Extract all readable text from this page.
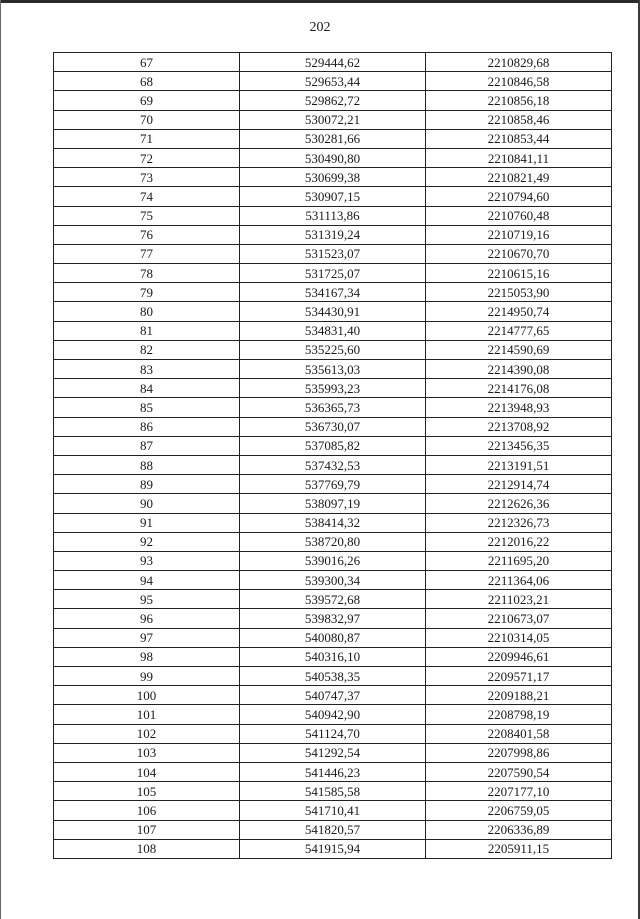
202
67	529444,62	2210829,68
68	529653,44	2210846,58
69	529862,72	2210856,18
70	530072,21	2210858,46
71	530281,66	2210853,44
72	530490,80	2210841,11
73	530699,38	2210821,49
74	530907,15	2210794,60
75	531113,86	2210760,48
76	531319,24	2210719,16
77	531523,07	2210670,70
78	531725,07	2210615,16
79	534167,34	2215053,90
80	534430,91	2214950,74
81	534831,40	2214777,65
82	535225,60	2214590,69
83	535613,03	2214390,08
84	535993,23	2214176,08
85	536365,73	2213948,93
86	536730,07	2213708,92
87	537085,82	2213456,35
88	537432,53	2213191,51
89	537769,79	2212914,74
90	538097,19	2212626,36
91	538414,32	2212326,73
92	538720,80	2212016,22
93	539016,26	2211695,20
94	539300,34	2211364,06
95	539572,68	2211023,21
96	539832,97	2210673,07
97	540080,87	2210314,05
98	540316,10	2209946,61
99	540538,35	2209571,17
100	540747,37	2209188,21
101	540942,90	2208798,19
102	541124,70	2208401,58
103	541292,54	2207998,86
104	541446,23	2207590,54
105	541585,58	2207177,10
106	541710,41	2206759,05
107	541820,57	2206336,89
108	541915,94	2205911,15
